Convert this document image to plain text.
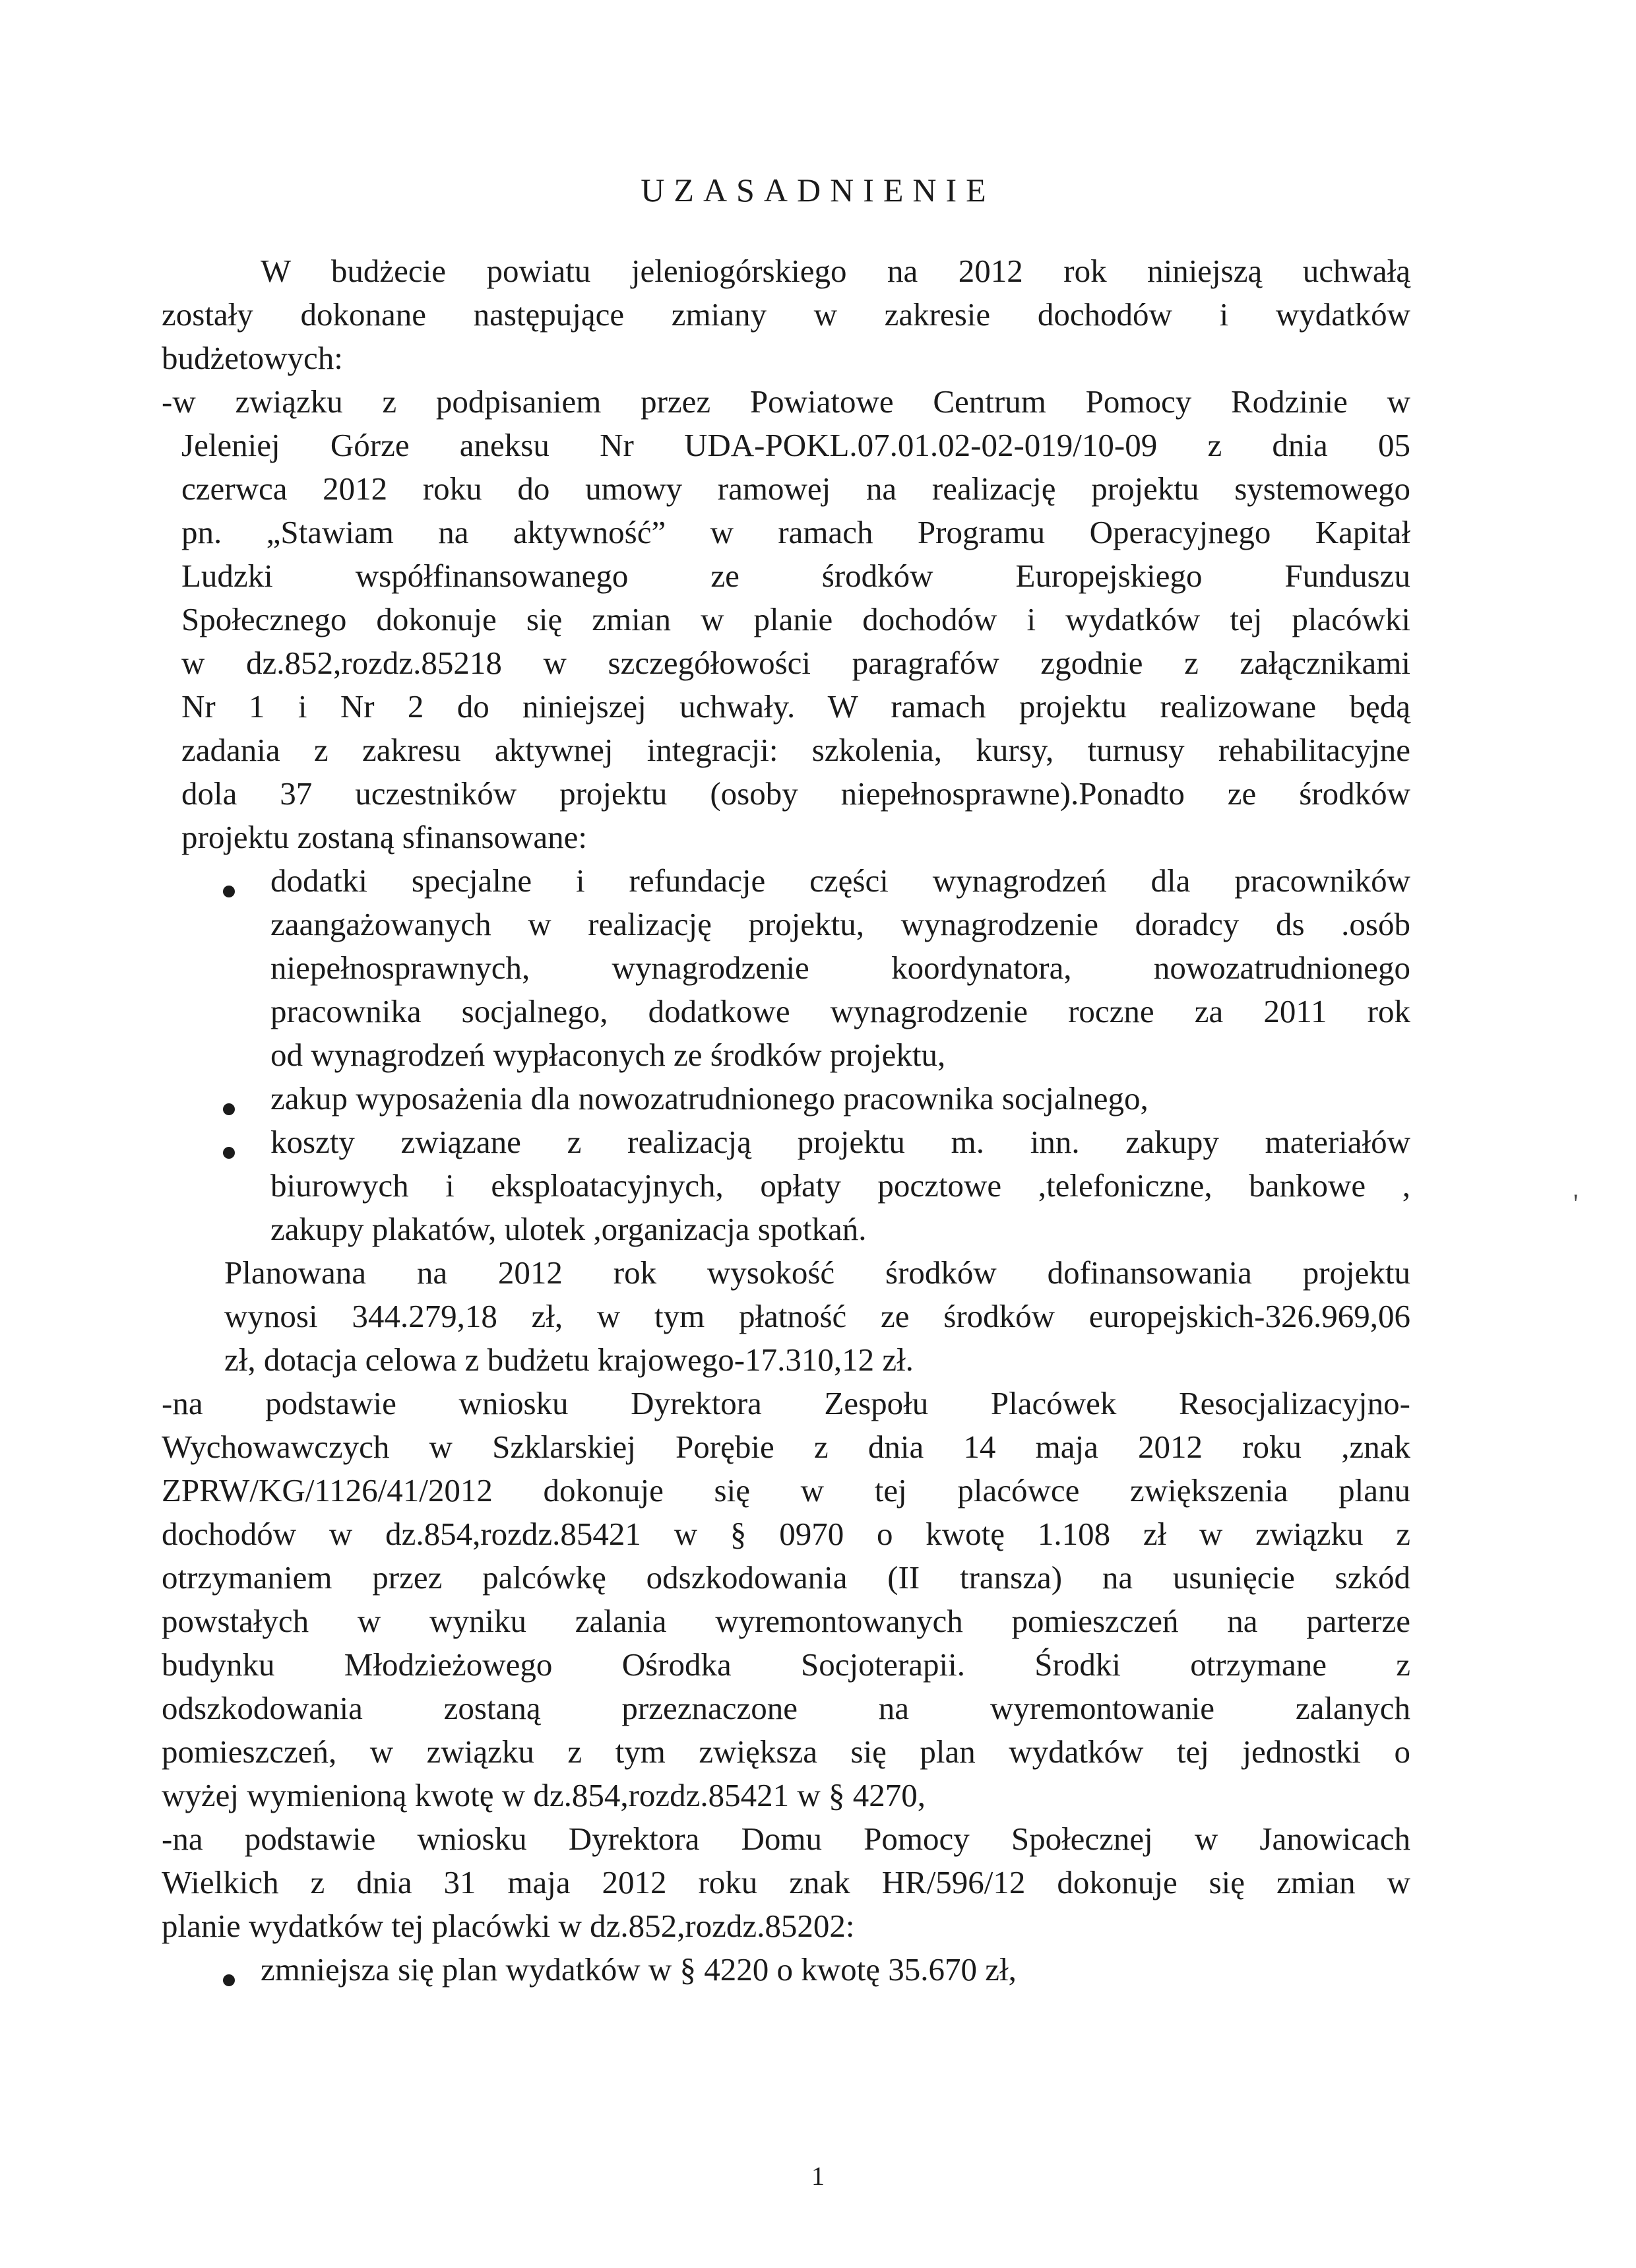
UZASADNIENIE
W budżecie powiatu jeleniogórskiego na 2012 rok niniejszą uchwałą
zostały dokonane następujące zmiany w zakresie dochodów i wydatków
budżetowych:
-w związku z podpisaniem przez Powiatowe Centrum Pomocy Rodzinie w
Jeleniej Górze aneksu Nr UDA-POKL.07.01.02-02-019/10-09 z dnia 05
czerwca 2012 roku do umowy ramowej na realizację projektu systemowego
pn. „Stawiam na aktywność” w ramach Programu Operacyjnego Kapitał
Ludzki współfinansowanego ze środków Europejskiego Funduszu
Społecznego dokonuje się zmian w planie dochodów i wydatków tej placówki
w dz.852,rozdz.85218 w szczegółowości paragrafów zgodnie z załącznikami
Nr 1 i Nr 2 do niniejszej uchwały. W ramach projektu realizowane będą
zadania z zakresu aktywnej integracji: szkolenia, kursy, turnusy rehabilitacyjne
dola 37 uczestników projektu (osoby niepełnosprawne).Ponadto ze środków
projektu zostaną sfinansowane:
dodatki specjalne i refundacje części wynagrodzeń dla pracowników
zaangażowanych w realizację projektu, wynagrodzenie doradcy ds .osób
niepełnosprawnych, wynagrodzenie koordynatora, nowozatrudnionego
pracownika socjalnego, dodatkowe wynagrodzenie roczne za 2011 rok
od wynagrodzeń wypłaconych ze środków projektu,
zakup wyposażenia dla nowozatrudnionego pracownika socjalnego,
koszty związane z realizacją projektu m. inn. zakupy materiałów
biurowych i eksploatacyjnych, opłaty pocztowe ,telefoniczne, bankowe ,
zakupy plakatów, ulotek ,organizacja spotkań.
Planowana na 2012 rok wysokość środków dofinansowania projektu
wynosi 344.279,18 zł, w tym płatność ze środków europejskich-326.969,06
zł, dotacja celowa z budżetu krajowego-17.310,12 zł.
-na podstawie wniosku Dyrektora Zespołu Placówek Resocjalizacyjno-
Wychowawczych w Szklarskiej Porębie z dnia 14 maja 2012 roku ,znak
ZPRW/KG/1126/41/2012 dokonuje się w tej placówce zwiększenia planu
dochodów w dz.854,rozdz.85421 w § 0970 o kwotę 1.108 zł w związku z
otrzymaniem przez palcówkę odszkodowania (II transza) na usunięcie szkód
powstałych w wyniku zalania wyremontowanych pomieszczeń na parterze
budynku Młodzieżowego Ośrodka Socjoterapii. Środki otrzymane z
odszkodowania zostaną przeznaczone na wyremontowanie zalanych
pomieszczeń, w związku z tym zwiększa się plan wydatków tej jednostki o
wyżej wymienioną kwotę w dz.854,rozdz.85421 w § 4270,
-na podstawie wniosku Dyrektora Domu Pomocy Społecznej w Janowicach
Wielkich z dnia 31 maja 2012 roku znak HR/596/12 dokonuje się zmian w
planie wydatków tej placówki w dz.852,rozdz.85202:
zmniejsza się plan wydatków w § 4220 o kwotę 35.670 zł,
'
1
